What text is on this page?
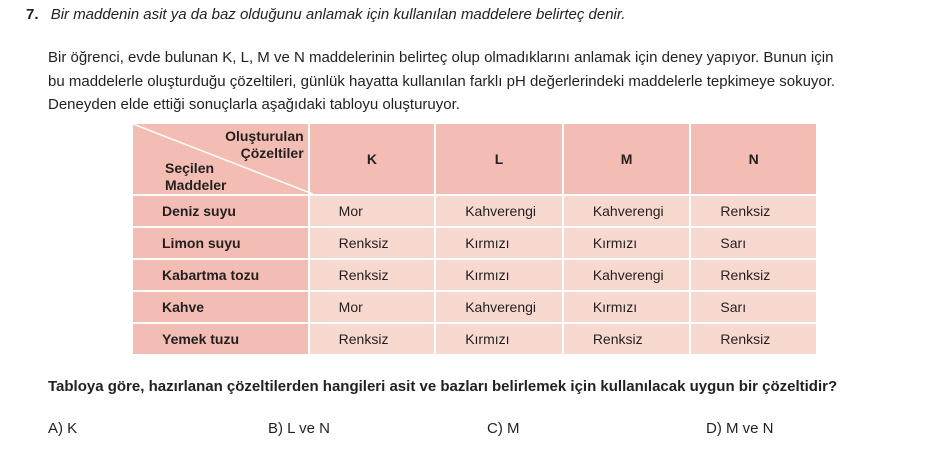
7. Bir maddenin asit ya da baz olduğunu anlamak için kullanılan maddelere belirteç denir.
Bir öğrenci, evde bulunan K, L, M ve N maddelerinin belirteç olup olmadıklarını anlamak için deney yapıyor. Bunun için
bu maddelerle oluşturduğu çözeltileri, günlük hayatta kullanılan farklı pH değerlerindeki maddelerle tepkimeye sokuyor.
Deneyden elde ettiği sonuçlarla aşağıdaki tabloyu oluşturuyor.
Oluşturulan
Çözeltiler
Seçilen
Maddeler	K	L	M	N
Deniz suyu	Mor	Kahverengi	Kahverengi	Renksiz
Limon suyu	Renksiz	Kırmızı	Kırmızı	Sarı
Kabartma tozu	Renksiz	Kırmızı	Kahverengi	Renksiz
Kahve	Mor	Kahverengi	Kırmızı	Sarı
Yemek tuzu	Renksiz	Kırmızı	Renksiz	Renksiz
Tabloya göre, hazırlanan çözeltilerden hangileri asit ve bazları belirlemek için kullanılacak uygun bir çözeltidir?
A) K	B) L ve N	C) M	D) M ve N
